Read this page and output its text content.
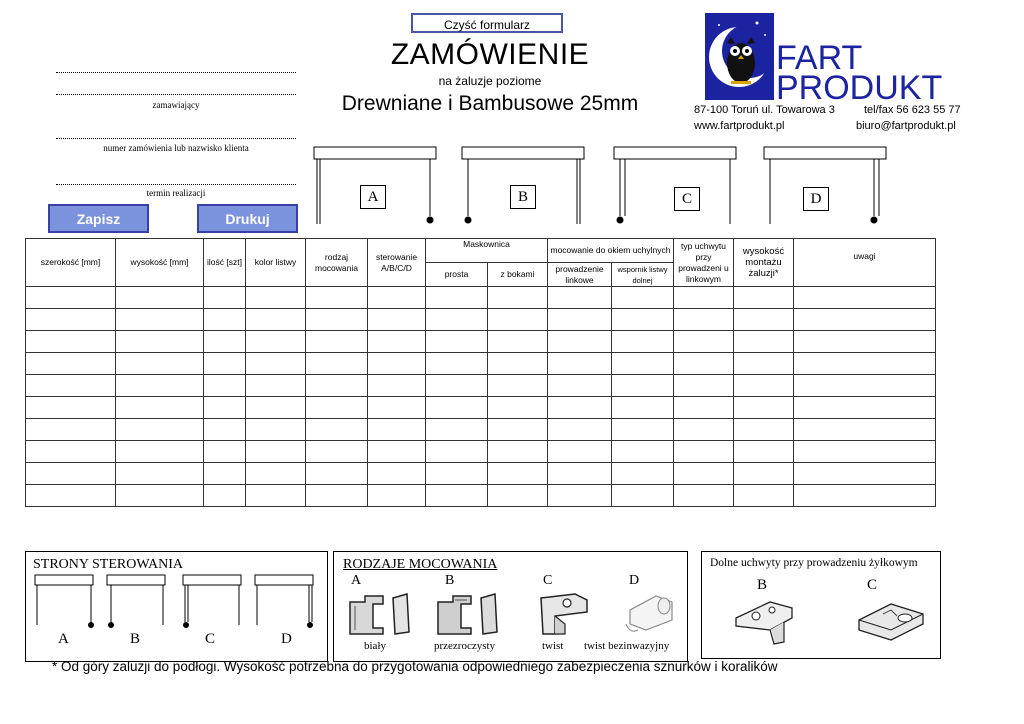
Czyść formularz
ZAMÓWIENIE
na żaluzje poziome
Drewniane i Bambusowe 25mm
zamawiający
numer zamówienia lub nazwisko klienta
termin realizacji
Zapisz	Drukuj
FART
PRODUKT
87-100 Toruń ul. Towarowa 3	tel/fax 56 623 55 77
www.fartprodukt.pl	biuro@fartprodukt.pl
A	B	C	D
szerokość [mm]	wysokość [mm]	ilość [szt]	kolor listwy	rodzaj mocowania	sterowanie A/B/C/D	Maskownica		mocowanie do okiem uchylnych		typ uchwytu przy prowadzeni u linkowym	wysokość montażu żaluzji*	uwagi
						prosta	z bokami	prowadzenie linkowe	wspornik listwy dolnej			

STRONY STEROWANIA
A	B	C	D
RODZAJE MOCOWANIA
A	B	C	D
biały	przezroczysty	twist twist bezinwazyjny
Dolne uchwyty przy prowadzeniu żyłkowym
B	C
* Od góry żaluzji do podłogi. Wysokość potrzebna do przygotowania odpowiedniego zabezpieczenia sznurków i koralików
